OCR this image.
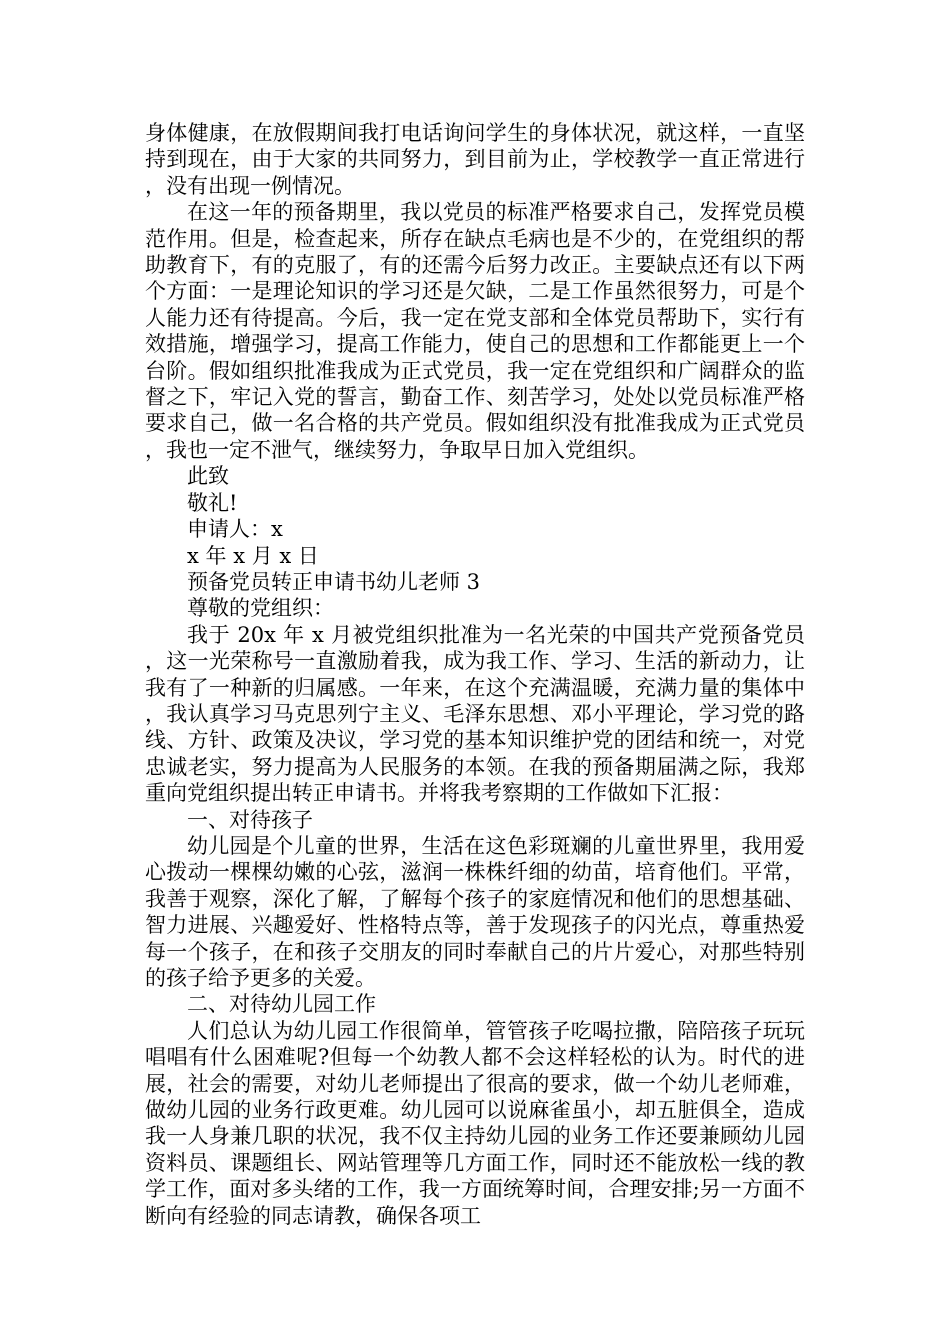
身体健康，在放假期间我打电话询问学生的身体状况，就这样，一直坚持到现在，由于大家的共同努力，到目前为止，学校教学一直正常进行，没有出现一例情况。

在这一年的预备期里，我以党员的标准严格要求自己，发挥党员模范作用。但是，检查起来，所存在缺点毛病也是不少的，在党组织的帮助教育下，有的克服了，有的还需今后努力改正。主要缺点还有以下两个方面：一是理论知识的学习还是欠缺，二是工作虽然很努力，可是个人能力还有待提高。今后，我一定在党支部和全体党员帮助下，实行有效措施，增强学习，提高工作能力，使自己的思想和工作都能更上一个台阶。假如组织批准我成为正式党员，我一定在党组织和广阔群众的监督之下，牢记入党的誓言，勤奋工作、刻苦学习，处处以党员标准严格要求自己，做一名合格的共产党员。假如组织没有批准我成为正式党员，我也一定不泄气，继续努力，争取早日加入党组织。

此致

敬礼!

申请人：x

x 年 x 月 x 日

预备党员转正申请书幼儿老师 3

尊敬的党组织：

我于 20x 年 x 月被党组织批准为一名光荣的中国共产党预备党员，这一光荣称号一直激励着我，成为我工作、学习、生活的新动力，让我有了一种新的归属感。一年来，在这个充满温暖，充满力量的集体中，我认真学习马克思列宁主义、毛泽东思想、邓小平理论，学习党的路线、方针、政策及决议，学习党的基本知识维护党的团结和统一，对党忠诚老实，努力提高为人民服务的本领。在我的预备期届满之际，我郑重向党组织提出转正申请书。并将我考察期的工作做如下汇报：

一、对待孩子

幼儿园是个儿童的世界，生活在这色彩斑斓的儿童世界里，我用爱心拨动一棵棵幼嫩的心弦，滋润一株株纤细的幼苗，培育他们。平常，我善于观察，深化了解，了解每个孩子的家庭情况和他们的思想基础、智力进展、兴趣爱好、性格特点等，善于发现孩子的闪光点，尊重热爱每一个孩子，在和孩子交朋友的同时奉献自己的片片爱心，对那些特别的孩子给予更多的关爱。

二、对待幼儿园工作

人们总认为幼儿园工作很简单，管管孩子吃喝拉撒，陪陪孩子玩玩唱唱有什么困难呢?但每一个幼教人都不会这样轻松的认为。时代的进展，社会的需要，对幼儿老师提出了很高的要求，做一个幼儿老师难，做幼儿园的业务行政更难。幼儿园可以说麻雀虽小，却五脏俱全，造成我一人身兼几职的状况，我不仅主持幼儿园的业务工作还要兼顾幼儿园资料员、课题组长、网站管理等几方面工作，同时还不能放松一线的教学工作，面对多头绪的工作，我一方面统筹时间，合理安排;另一方面不断向有经验的同志请教，确保各项工
